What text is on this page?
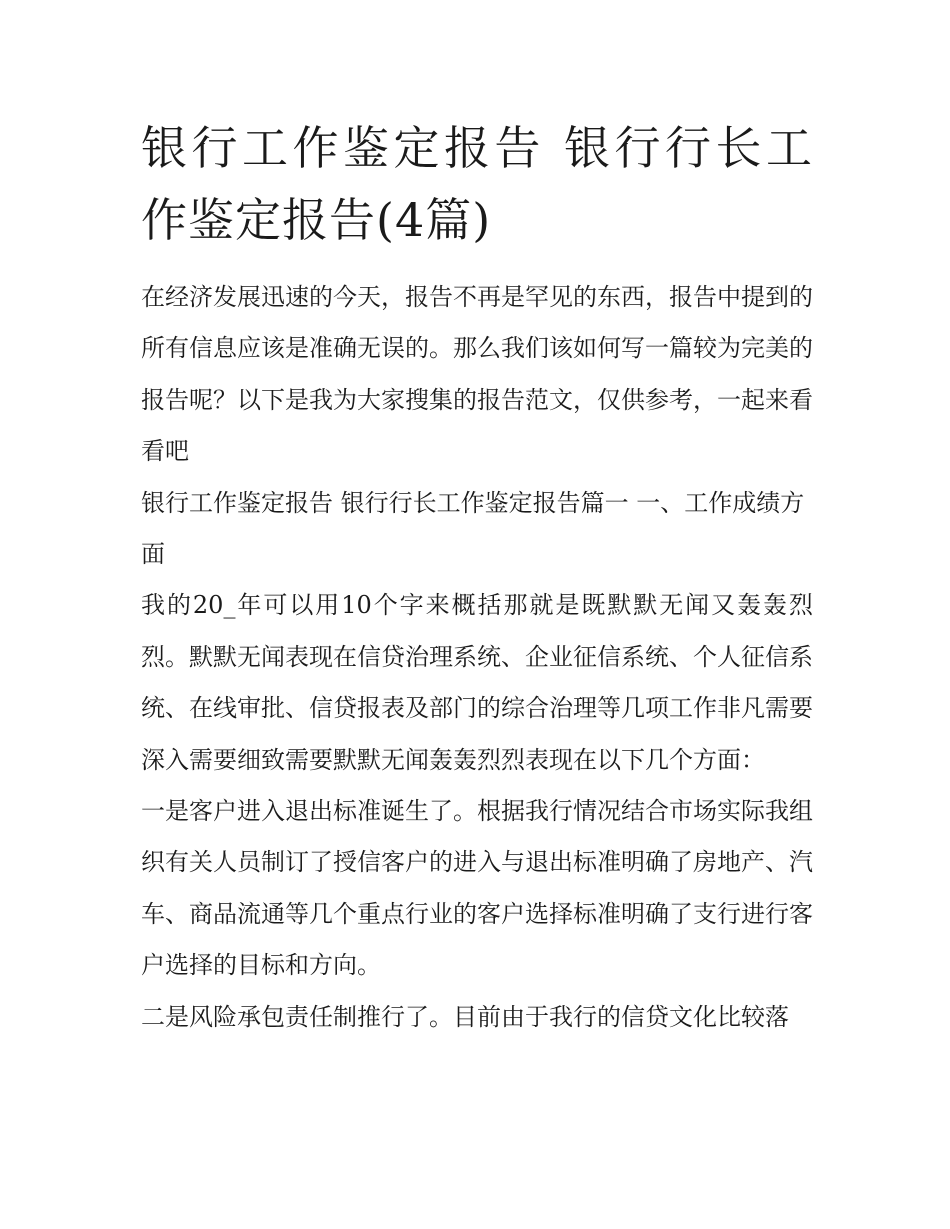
银行工作鉴定报告 银行行长工作鉴定报告(4篇)

在经济发展迅速的今天，报告不再是罕见的东西，报告中提到的所有信息应该是准确无误的。那么我们该如何写一篇较为完美的报告呢？以下是我为大家搜集的报告范文，仅供参考，一起来看看吧

银行工作鉴定报告 银行行长工作鉴定报告篇一 一、工作成绩方面

我的20_年可以用10个字来概括那就是既默默无闻又轰轰烈烈。默默无闻表现在信贷治理系统、企业征信系统、个人征信系统、在线审批、信贷报表及部门的综合治理等几项工作非凡需要深入需要细致需要默默无闻轰轰烈烈表现在以下几个方面：

一是客户进入退出标准诞生了。根据我行情况结合市场实际我组织有关人员制订了授信客户的进入与退出标准明确了房地产、汽车、商品流通等几个重点行业的客户选择标准明确了支行进行客户选择的目标和方向。

二是风险承包责任制推行了。目前由于我行的信贷文化比较落
